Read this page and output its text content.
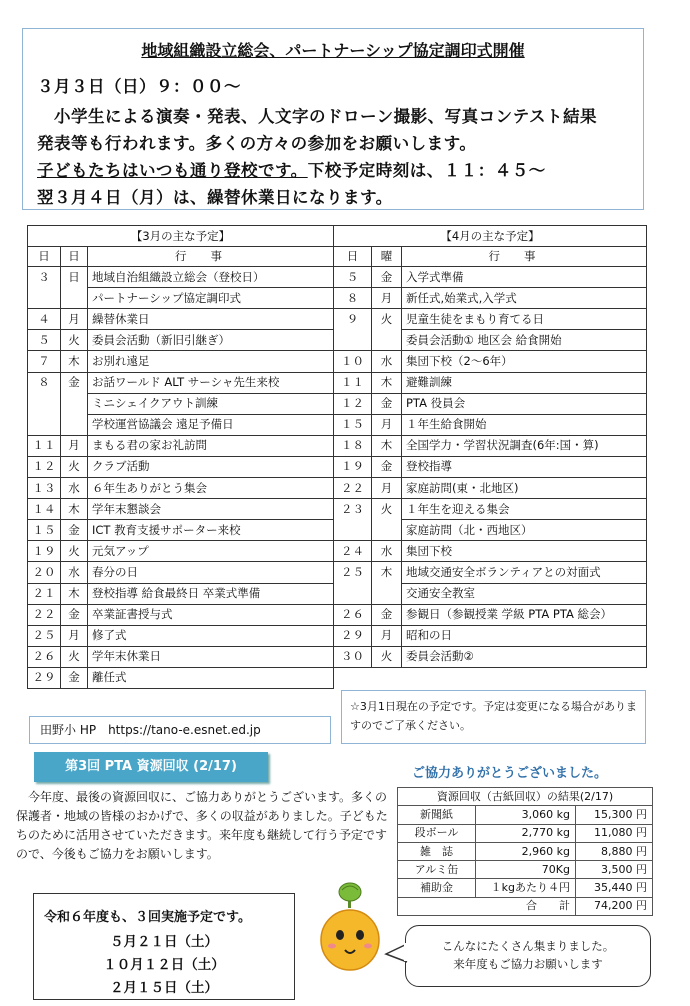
地域組織設立総会、パートナーシップ協定調印式開催
３月３日（日）９：００～
　小学生による演奏・発表、人文字のドローン撮影、写真コンテスト結果
発表等も行われます。多くの方々の参加をお願いします。
子どもたちはいつも通り登校です。下校予定時刻は、１１：４５～
翌３月４日（月）は、繰替休業日になります。
【3月の主な予定】		
日	日	行事
３	日	地域自治組織設立総会（登校日）
		パートナーシップ協定調印式
４	月	繰替休業日
５	火	委員会活動（新旧引継ぎ）
７	木	お別れ遠足
８	金	お話ワールド ALT サーシャ先生来校
		ミニシェイクアウト訓練
		学校運営協議会 遠足予備日
１１	月	まもる君の家お礼訪問
１２	火	クラブ活動
１３	水	６年生ありがとう集会
１４	木	学年末懇談会
１５	金	ICT 教育支援サポーター来校
１９	火	元気アップ
２０	水	春分の日
２１	木	登校指導 給食最終日 卒業式準備
２２	金	卒業証書授与式
２５	月	修了式
２６	火	学年末休業日
２９	金	離任式
【4月の主な予定】		
日	曜	行事
５	金	入学式準備
８	月	新任式,始業式,入学式
９	火	児童生徒をまもり育てる日
		委員会活動① 地区会 給食開始
１０	水	集団下校（2～6年）
１１	木	避難訓練
１２	金	PTA 役員会
１５	月	１年生給食開始
１８	木	全国学力・学習状況調査(6年:国・算)
１９	金	登校指導
２２	月	家庭訪問(東・北地区)
２３	火	１年生を迎える集会
		家庭訪問（北・西地区）
２４	水	集団下校
２５	木	地域交通安全ボランティアとの対面式
		交通安全教室
２６	金	参観日（参観授業 学級 PTA PTA 総会）
２９	月	昭和の日
３０	火	委員会活動②
☆3月1日現在の予定です。予定は変更になる場合がありますのでご了承ください。
田野小 HP　https://tano-e.esnet.ed.jp
第3回 PTA 資源回収 (2/17)	ご協力ありがとうございました。
今年度、最後の資源回収に、ご協力ありがとうございます。多くの保護者・地域の皆様のおかげで、多くの収益がありました。子どもたちのために活用させていただきます。来年度も継続して行う予定ですので、今後もご協力をお願いします。
資源回収（古紙回収）の結果(2/17)		
新聞紙	3,060 kg	15,300 円
段ボール	2,770 kg	11,080 円
雑　誌	2,960 kg	8,880 円
アルミ缶	70Kg	3,500 円
補助金	１kgあたり４円	35,440 円
	合　　計	74,200 円
令和６年度も、３回実施予定です。
５月２１日（土）
１０月１２日（土）
２月１５日（土）
こんなにたくさん集まりました。
来年度もご協力お願いします
